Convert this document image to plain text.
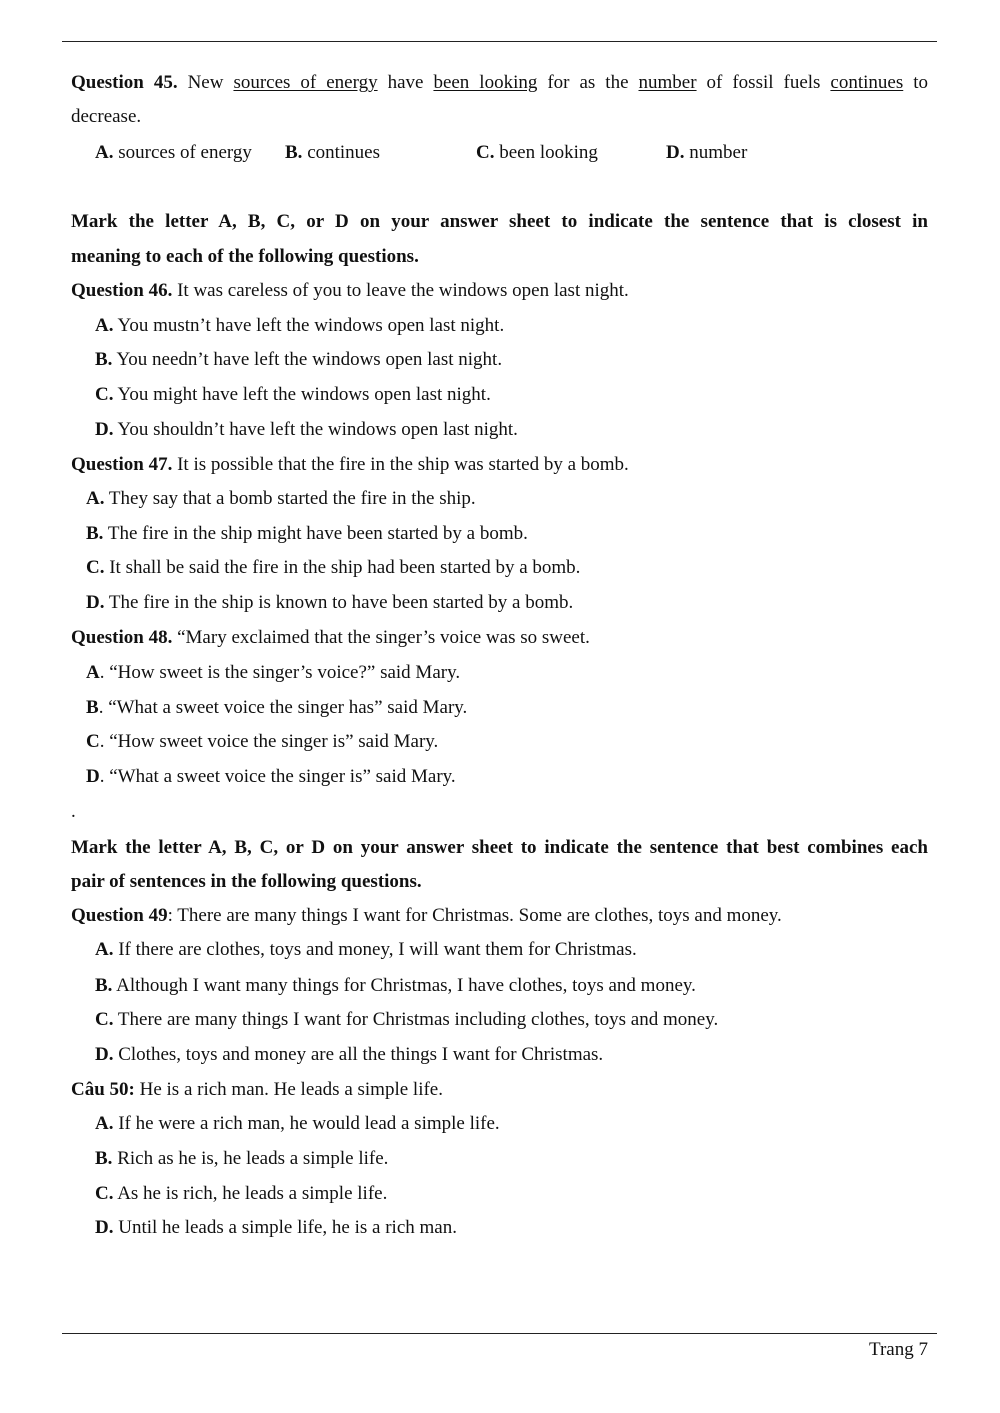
Question 45. New sources of energy have been looking for as the number of fossil fuels continues to
decrease.
A. sources of energy B. continues	C. been looking	D. number
Mark the letter A, B, C, or D on your answer sheet to indicate the sentence that is closest in
meaning to each of the following questions.
Question 46. It was careless of you to leave the windows open last night.
A. You mustn’t have left the windows open last night.
B. You needn’t have left the windows open last night.
C. You might have left the windows open last night.
D. You shouldn’t have left the windows open last night.
Question 47. It is possible that the fire in the ship was started by a bomb.
A. They say that a bomb started the fire in the ship.
B. The fire in the ship might have been started by a bomb.
C. It shall be said the fire in the ship had been started by a bomb.
D. The fire in the ship is known to have been started by a bomb.
Question 48. “Mary exclaimed that the singer’s voice was so sweet.
A. “How sweet is the singer’s voice?” said Mary.
B. “What a sweet voice the singer has” said Mary.
C. “How sweet voice the singer is” said Mary.
D. “What a sweet voice the singer is” said Mary.
.
Mark the letter A, B, C, or D on your answer sheet to indicate the sentence that best combines each
pair of sentences in the following questions.
Question 49: There are many things I want for Christmas. Some are clothes, toys and money.
A. If there are clothes, toys and money, I will want them for Christmas.
B. Although I want many things for Christmas, I have clothes, toys and money.
C. There are many things I want for Christmas including clothes, toys and money.
D. Clothes, toys and money are all the things I want for Christmas.
Câu 50: He is a rich man. He leads a simple life.
A. If he were a rich man, he would lead a simple life.
B. Rich as he is, he leads a simple life.
C. As he is rich, he leads a simple life.
D. Until he leads a simple life, he is a rich man.
Trang 7
